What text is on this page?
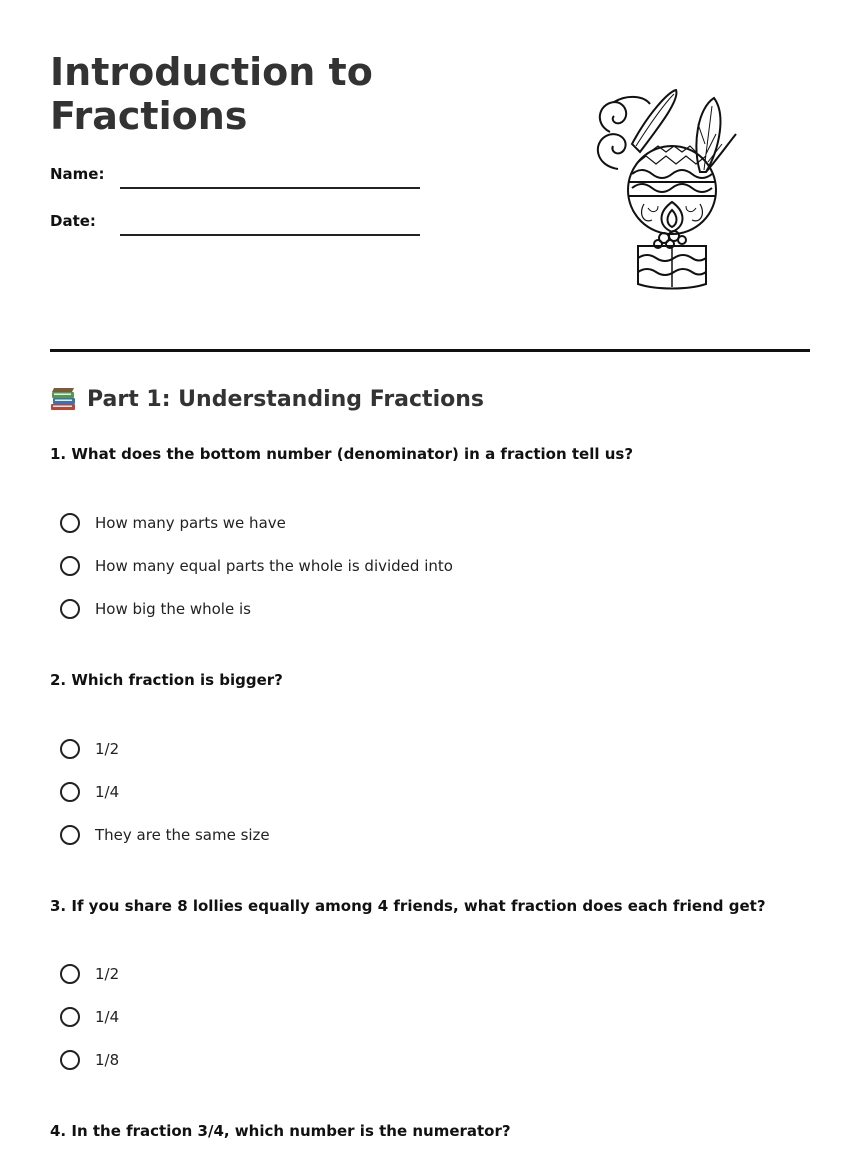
Introduction to
Fractions
Name:
Date:
Part 1: Understanding Fractions
1. What does the bottom number (denominator) in a fraction tell us?
How many parts we have
How many equal parts the whole is divided into
How big the whole is
2. Which fraction is bigger?
1/2
1/4
They are the same size
3. If you share 8 lollies equally among 4 friends, what fraction does each friend get?
1/2
1/4
1/8
4. In the fraction 3/4, which number is the numerator?
